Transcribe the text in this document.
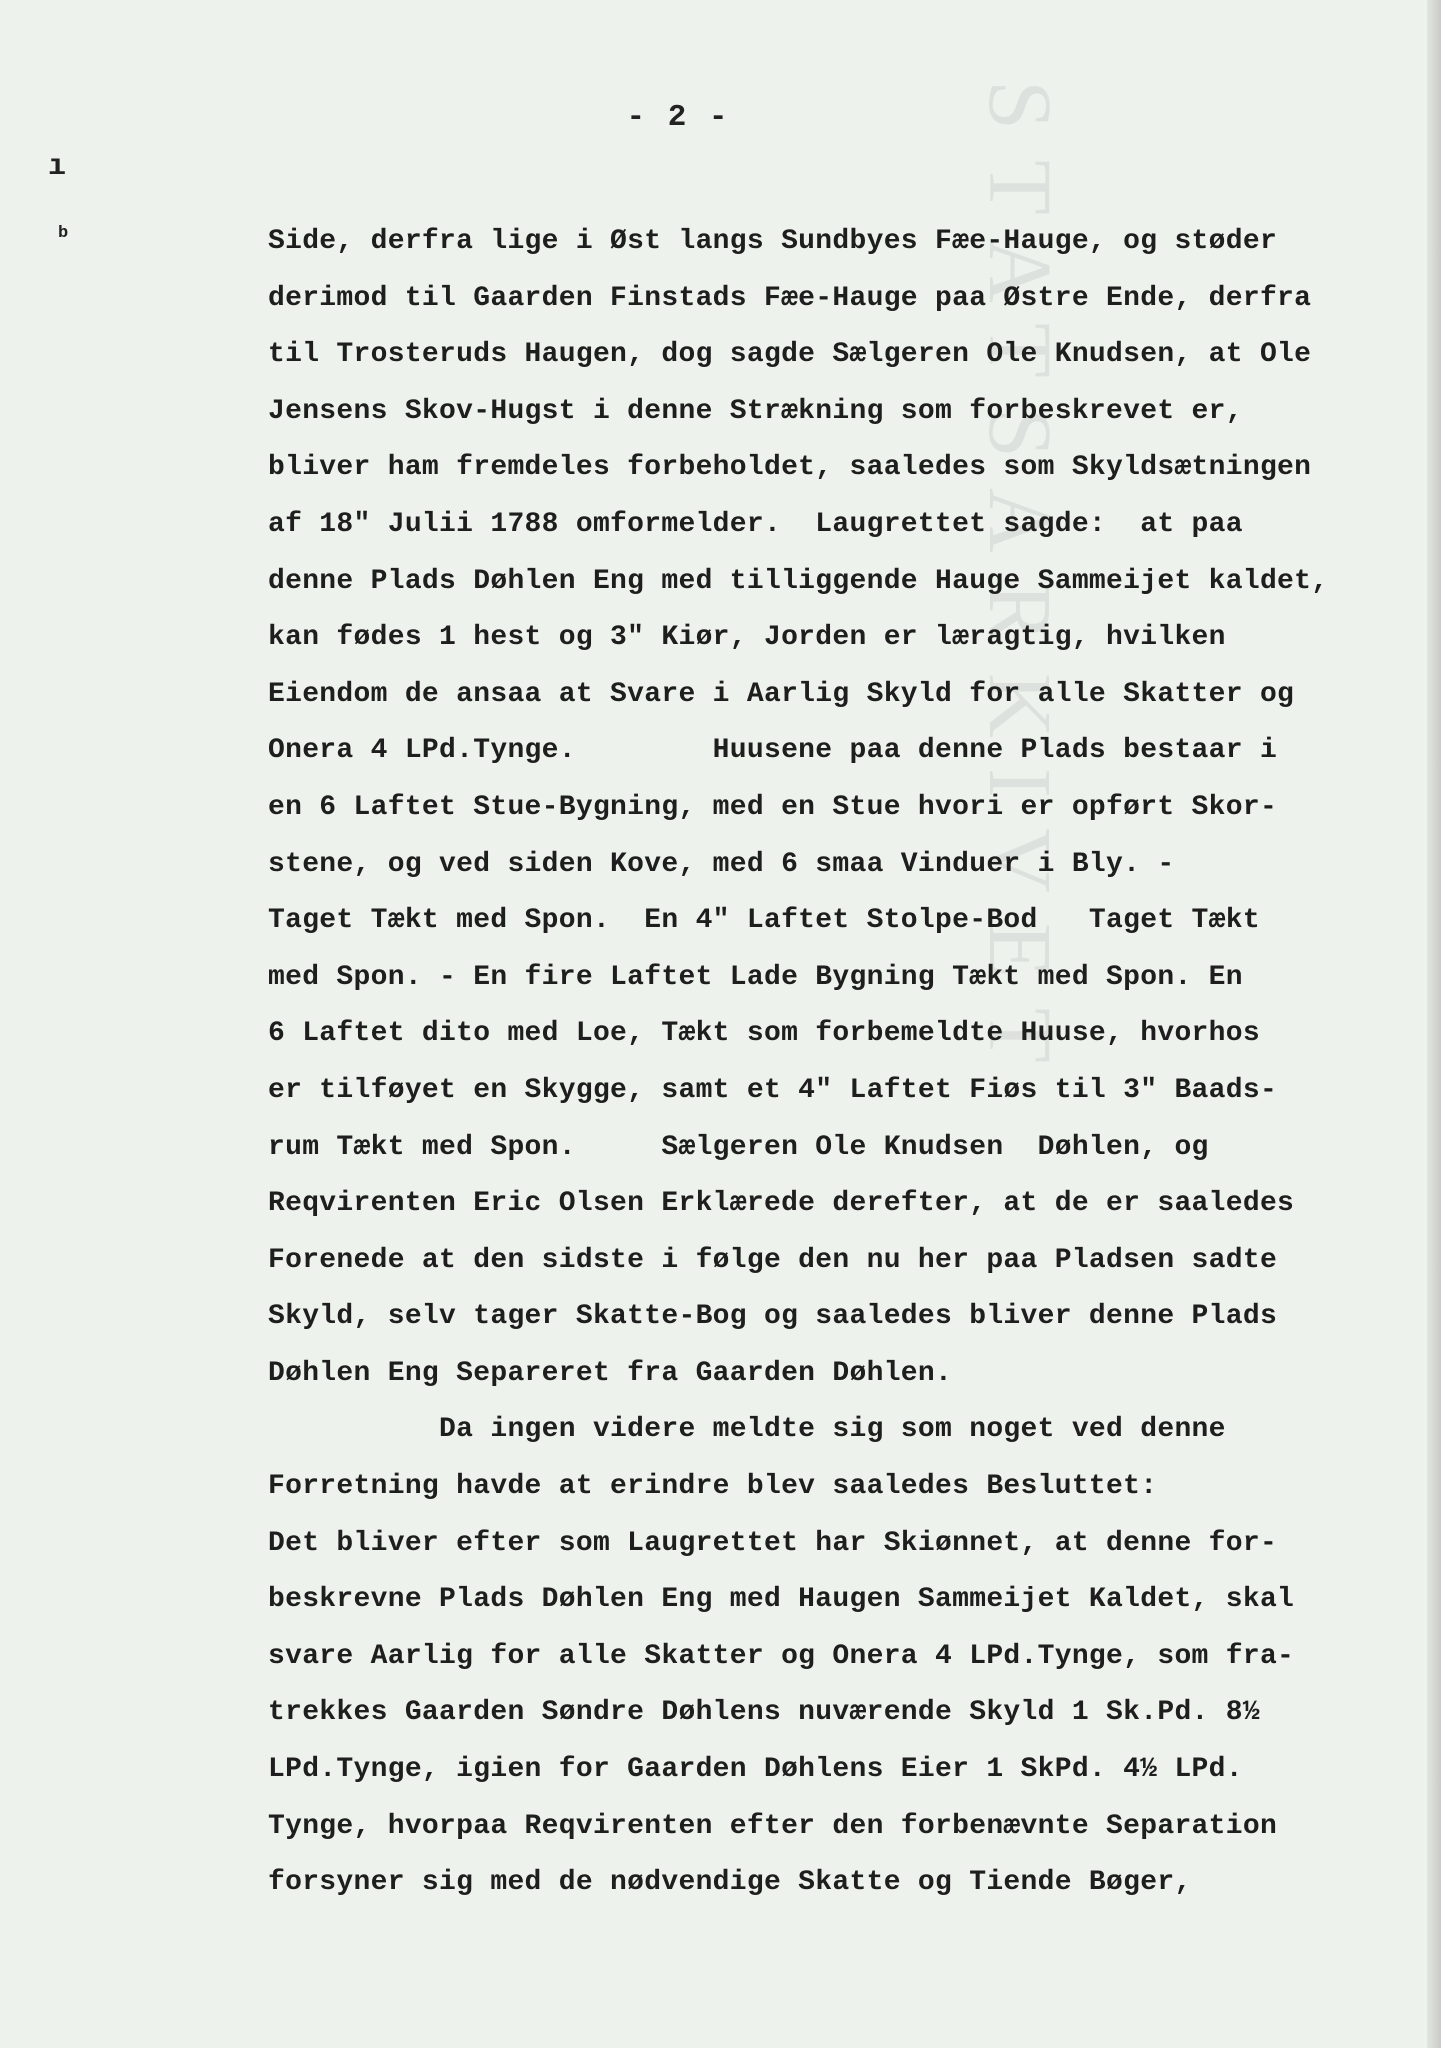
STATSARKIVET
- 2 -
ı
b	Side, derfra lige i Øst langs Sundbyes Fæe-Hauge, og støder
derimod til Gaarden Finstads Fæe-Hauge paa Østre Ende, derfra
til Trosteruds Haugen, dog sagde Sælgeren Ole Knudsen, at Ole
Jensens Skov-Hugst i denne Strækning som forbeskrevet er,
bliver ham fremdeles forbeholdet, saaledes som Skyldsætningen
af 18" Julii 1788 omformelder.  Laugrettet sagde:  at paa
denne Plads Døhlen Eng med tilliggende Hauge Sammeijet kaldet,
kan fødes 1 hest og 3" Kiør, Jorden er læragtig, hvilken
Eiendom de ansaa at Svare i Aarlig Skyld for alle Skatter og
Onera 4 LPd.Tynge.        Huusene paa denne Plads bestaar i
en 6 Laftet Stue-Bygning, med en Stue hvori er opført Skor-
stene, og ved siden Kove, med 6 smaa Vinduer i Bly. -
Taget Tækt med Spon.  En 4" Laftet Stolpe-Bod   Taget Tækt
med Spon. - En fire Laftet Lade Bygning Tækt med Spon. En
6 Laftet dito med Loe, Tækt som forbemeldte Huuse, hvorhos
er tilføyet en Skygge, samt et 4" Laftet Fiøs til 3" Baads-
rum Tækt med Spon.     Sælgeren Ole Knudsen  Døhlen, og
Reqvirenten Eric Olsen Erklærede derefter, at de er saaledes
Forenede at den sidste i følge den nu her paa Pladsen sadte
Skyld, selv tager Skatte-Bog og saaledes bliver denne Plads
Døhlen Eng Separeret fra Gaarden Døhlen.
Da ingen videre meldte sig som noget ved denne
Forretning havde at erindre blev saaledes Besluttet:
Det bliver efter som Laugrettet har Skiønnet, at denne for-
beskrevne Plads Døhlen Eng med Haugen Sammeijet Kaldet, skal
svare Aarlig for alle Skatter og Onera 4 LPd.Tynge, som fra-
trekkes Gaarden Søndre Døhlens nuværende Skyld 1 Sk.Pd. 8½
LPd.Tynge, igien for Gaarden Døhlens Eier 1 SkPd. 4½ LPd.
Tynge, hvorpaa Reqvirenten efter den forbenævnte Separation
forsyner sig med de nødvendige Skatte og Tiende Bøger,
